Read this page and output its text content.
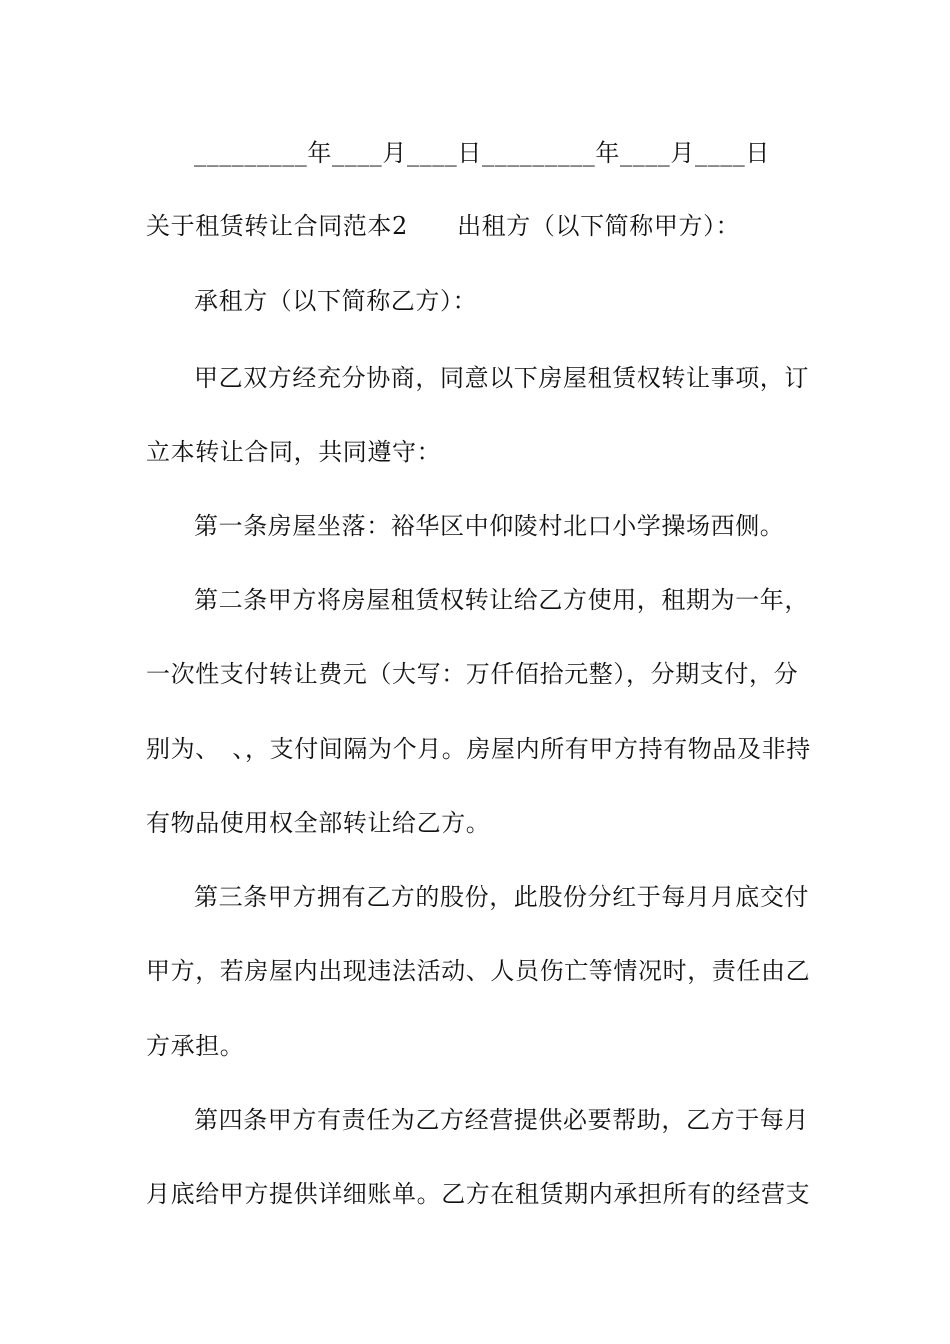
_________年____月____日_________年____月____日
关于租赁转让合同范本2　　出租方（以下简称甲方）：
承租方（以下简称乙方）：
甲乙双方经充分协商，同意以下房屋租赁权转让事项，订
立本转让合同，共同遵守：
第一条房屋坐落：裕华区中仰陵村北口小学操场西侧。
第二条甲方将房屋租赁权转让给乙方使用，租期为一年，
一次性支付转让费元（大写：万仟佰拾元整），分期支付，分
别为、　、，支付间隔为个月。房屋内所有甲方持有物品及非持
有物品使用权全部转让给乙方。
第三条甲方拥有乙方的股份，此股份分红于每月月底交付
甲方，若房屋内出现违法活动、人员伤亡等情况时，责任由乙
方承担。
第四条甲方有责任为乙方经营提供必要帮助，乙方于每月
月底给甲方提供详细账单。乙方在租赁期内承担所有的经营支
